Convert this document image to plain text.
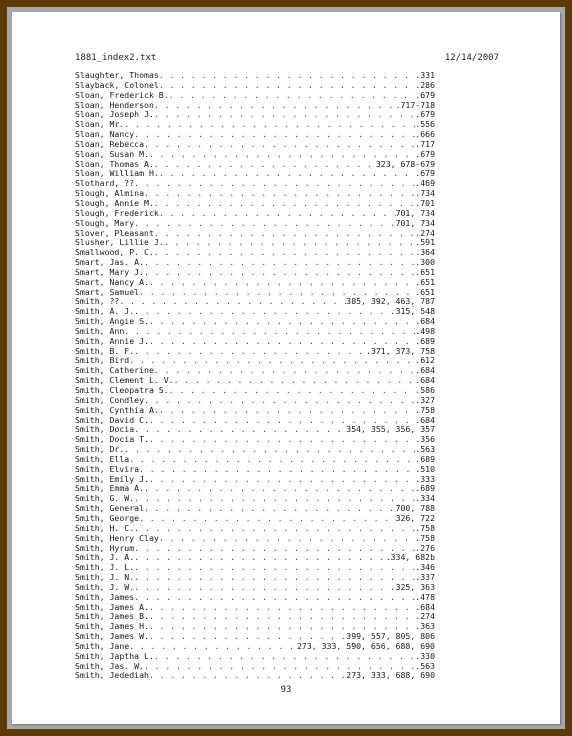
1881_index2.txt	12/14/2007
Slaughter, Thomas . . .	.331
Slayback, Colonel . . .	.286
Sloan, Frederick B. . . .	.679
Sloan, Henderson . . .	.717-718
Sloan, Joseph J. . . .	.679
Sloan, Mr. . . .	.556
Sloan, Nancy . . .	.666
Sloan, Rebecca . . .	.717
Sloan, Susan M. . . .	.679
Sloan, Thomas A. . . .	323, 678-679
Sloan, William H. . . .	.679
Slothard, ?? . . .	.469
Slough, Almina . . .	.734
Slough, Annie M. . . .	.701
Slough, Frederick . . .	701, 734
Slough, Mary . . .	701, 734
Slover, Pleasant . . .	.274
Slusher, Lillie J. . . .	.591
Smallwood, P. C. . . .	.364
Smart, Jas. A. . . .	.300
Smart, Mary J. . . .	.651
Smart, Nancy A. . . .	.651
Smart, Samuel . . .	.651
Smith, ?? . . .	385, 392, 463, 787
Smith, A. J. . . .	315, 548
Smith, Angie S. . . .	.684
Smith, Ann . . .	.498
Smith, Annie J. . . .	.689
Smith, B. F. . . .	.371, 373, 758
Smith, Bird . . .	.612
Smith, Catherine . . .	.684
Smith, Clement L. V. . . .	.684
Smith, Cleopatra S. . . .	.586
Smith, Condley . . .	.327
Smith, Cynthia A. . . .	.758
Smith, David C. . . .	.684
Smith, Docia . . .	354, 355, 356, 357
Smith, Docia T. . . .	.356
Smith, Dr. . . .	.563
Smith, Ella . . .	.689
Smith, Elvira . . .	.510
Smith, Emily J. . . .	.333
Smith, Emma A. . . .	.689
Smith, G. W. . . .	.334
Smith, General . . .	700, 788
Smith, George . . .	326, 722
Smith, H. C. . . .	.758
Smith, Henry Clay . . .	.758
Smith, Hyrum . . .	.276
Smith, J. A. . . .	.334, 682b
Smith, J. L. . . .	.346
Smith, J. N. . . .	.337
Smith, J. W. . . .	325, 363
Smith, James . . .	.478
Smith, James A. . . .	.684
Smith, James B. . . .	.274
Smith, James H. . . .	.363
Smith, James W. . . .	399, 557, 805, 806
Smith, Jane . . .	273, 333, 590, 656, 688, 690
Smith, Japtha L. . . .	.330
Smith, Jas. W. . . .	.563
Smith, Jedediah . . .	273, 333, 688, 690
93
